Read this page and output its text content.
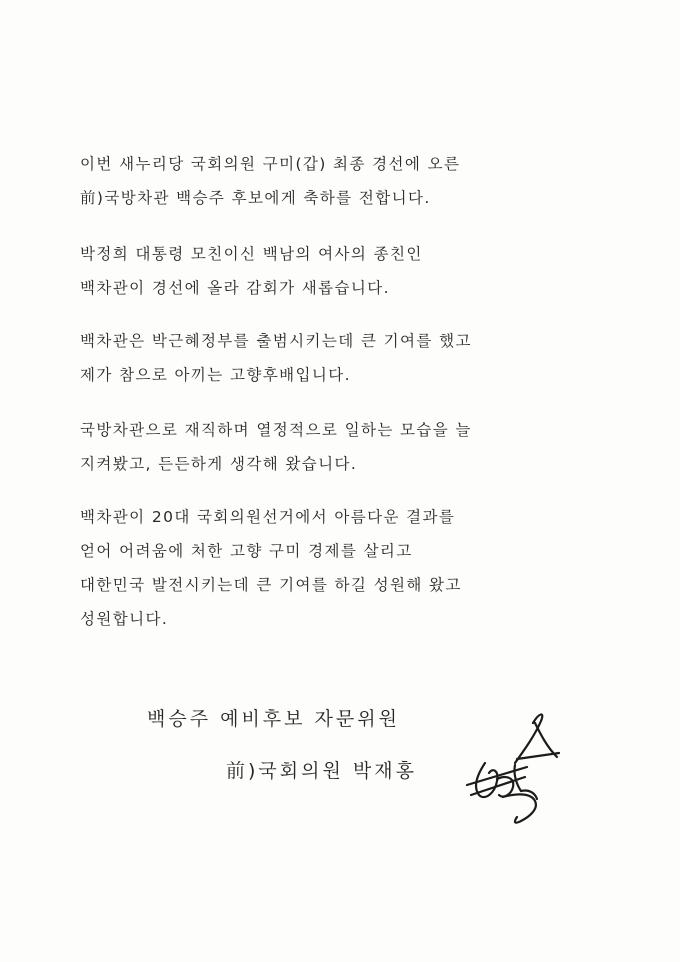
이번 새누리당 국회의원 구미(갑) 최종 경선에 오른
前)국방차관 백승주 후보에게 축하를 전합니다.
박정희 대통령 모친이신 백남의 여사의 종친인
백차관이 경선에 올라 감회가 새롭습니다.
백차관은 박근혜정부를 출범시키는데 큰 기여를 했고
제가 참으로 아끼는 고향후배입니다.
국방차관으로 재직하며 열정적으로 일하는 모습을 늘
지켜봤고, 든든하게 생각해 왔습니다.
백차관이 20대 국회의원선거에서 아름다운 결과를
얻어 어려움에 처한 고향 구미 경제를 살리고
대한민국 발전시키는데 큰 기여를 하길 성원해 왔고
성원합니다.
백승주 예비후보 자문위원
前)국회의원 박재홍
